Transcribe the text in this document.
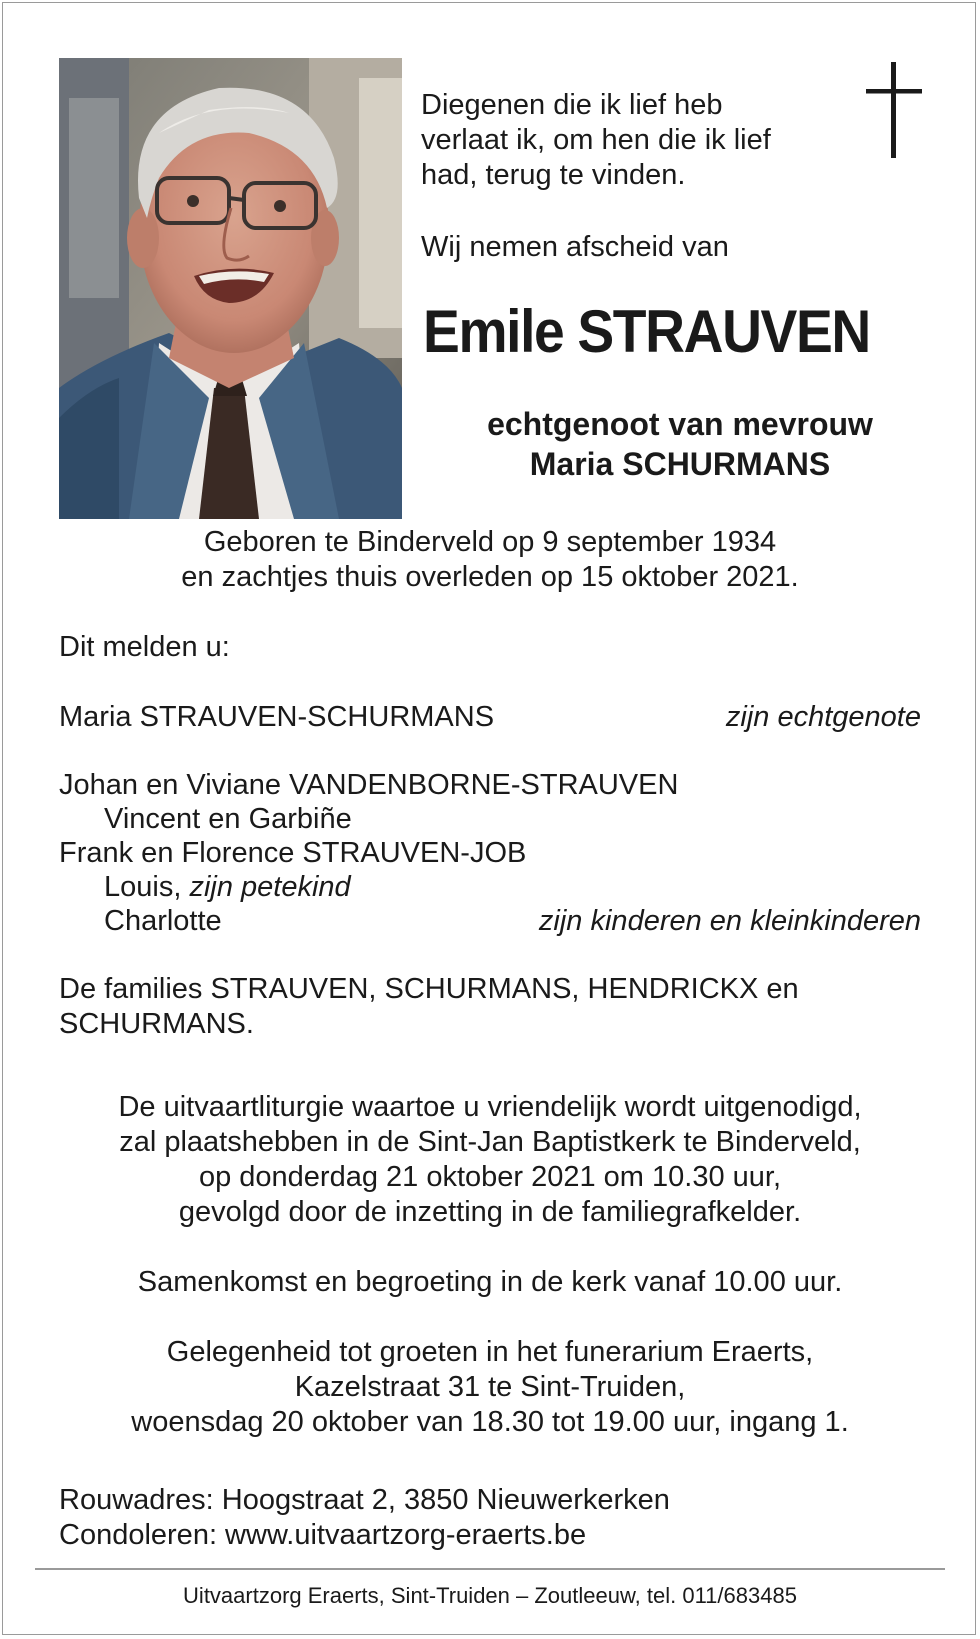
Diegenen die ik lief heb
verlaat ik, om hen die ik lief
had, terug te vinden.
Wij nemen afscheid van
Emile STRAUVEN
echtgenoot van mevrouw
Maria SCHURMANS
Geboren te Binderveld op 9 september 1934
en zachtjes thuis overleden op 15 oktober 2021.
Dit melden u:
Maria STRAUVEN-SCHURMANS	zijn echtgenote
Johan en Viviane VANDENBORNE-STRAUVEN
Vincent en Garbiñe
Frank en Florence STRAUVEN-JOB
Louis, zijn petekind
Charlotte	zijn kinderen en kleinkinderen
De families STRAUVEN, SCHURMANS, HENDRICKX en
SCHURMANS.
De uitvaartliturgie waartoe u vriendelijk wordt uitgenodigd,
zal plaatshebben in de Sint-Jan Baptistkerk te Binderveld,
op donderdag 21 oktober 2021 om 10.30 uur,
gevolgd door de inzetting in de familiegrafkelder.
Samenkomst en begroeting in de kerk vanaf 10.00 uur.
Gelegenheid tot groeten in het funerarium Eraerts,
Kazelstraat 31 te Sint-Truiden,
woensdag 20 oktober van 18.30 tot 19.00 uur, ingang 1.
Rouwadres: Hoogstraat 2, 3850 Nieuwerkerken
Condoleren: www.uitvaartzorg-eraerts.be
Uitvaartzorg Eraerts, Sint-Truiden – Zoutleeuw, tel. 011/683485
